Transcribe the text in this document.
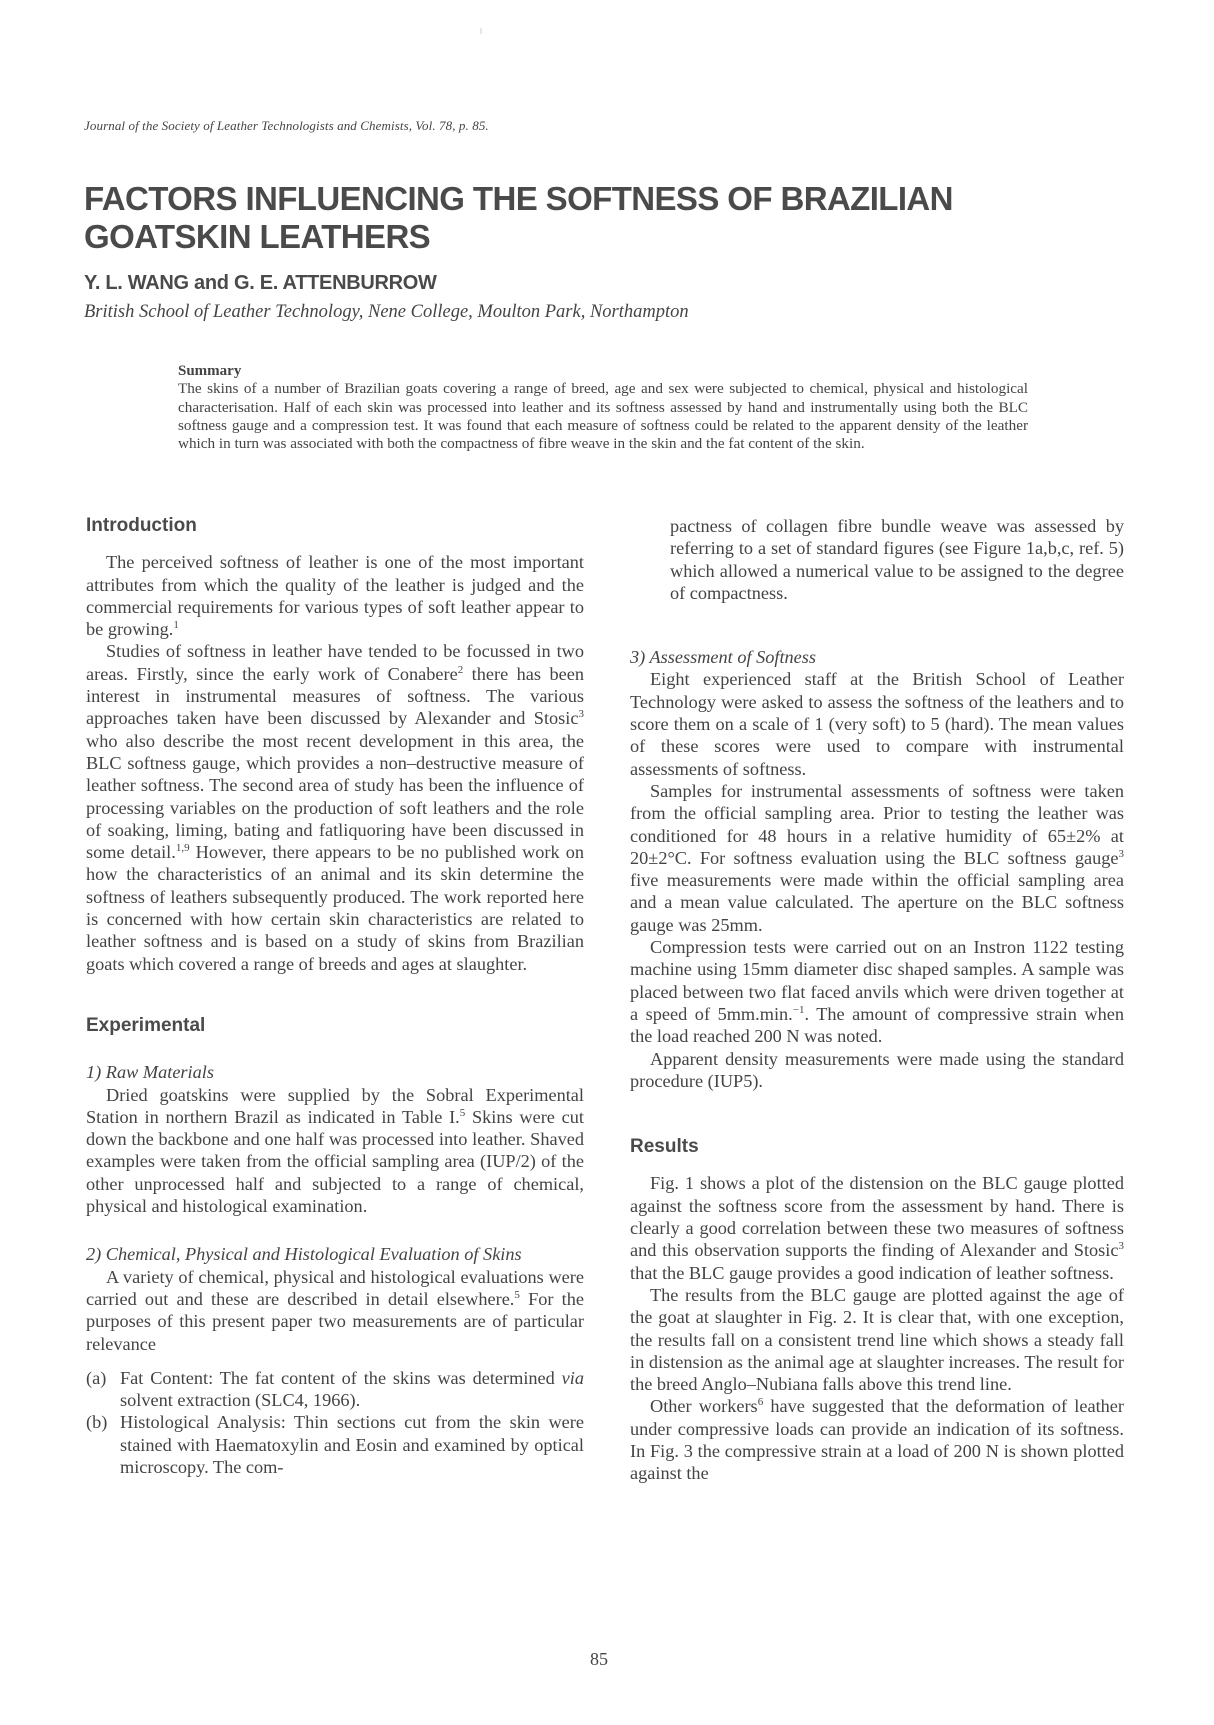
Journal of the Society of Leather Technologists and Chemists, Vol. 78, p. 85.
FACTORS INFLUENCING THE SOFTNESS OF BRAZILIAN
GOATSKIN LEATHERS
Y. L. WANG and G. E. ATTENBURROW
British School of Leather Technology, Nene College, Moulton Park, Northampton
Summary
The skins of a number of Brazilian goats covering a range of breed, age and sex were subjected to chemical, physical and histological characterisation. Half of each skin was processed into leather and its softness assessed by hand and instrumentally using both the BLC softness gauge and a compression test. It was found that each measure of softness could be related to the apparent density of the leather which in turn was associated with both the compactness of fibre weave in the skin and the fat content of the skin.
Introduction

The perceived softness of leather is one of the most important attributes from which the quality of the leather is judged and the commercial requirements for various types of soft leather appear to be growing.$^1$

Studies of softness in leather have tended to be focussed in two areas. Firstly, since the early work of Conabere$^2$ there has been interest in instrumental measures of softness. The various approaches taken have been discussed by Alexander and Stosic$^3$ who also describe the most recent development in this area, the BLC softness gauge, which provides a non–destructive measure of leather softness. The second area of study has been the influence of processing variables on the production of soft leathers and the role of soaking, liming, bating and fatliquoring have been discussed in some detail.$^{1,9}$ However, there appears to be no published work on how the characteristics of an animal and its skin determine the softness of leathers subsequently produced. The work reported here is concerned with how certain skin characteristics are related to leather softness and is based on a study of skins from Brazilian goats which covered a range of breeds and ages at slaughter.

Experimental
1) Raw Materials

Dried goatskins were supplied by the Sobral Experimental Station in northern Brazil as indicated in Table I.$^5$ Skins were cut down the backbone and one half was processed into leather. Shaved examples were taken from the official sampling area (IUP/2) of the other unprocessed half and subjected to a range of chemical, physical and histological examination.

2) Chemical, Physical and Histological Evaluation of Skins

A variety of chemical, physical and histological evaluations were carried out and these are described in detail elsewhere.$^5$ For the purposes of this present paper two measurements are of particular relevance

(a) Fat Content: The fat content of the skins was determined via solvent extraction (SLC4, 1966).
(b) Histological Analysis: Thin sections cut from the skin were stained with Haematoxylin and Eosin and examined by optical microscopy. The com-

pactness of collagen fibre bundle weave was assessed by referring to a set of standard figures (see Figure 1a,b,c, ref. 5) which allowed a numerical value to be assigned to the degree of compactness.

3) Assessment of Softness

Eight experienced staff at the British School of Leather Technology were asked to assess the softness of the leathers and to score them on a scale of 1 (very soft) to 5 (hard). The mean values of these scores were used to compare with instrumental assessments of softness.

Samples for instrumental assessments of softness were taken from the official sampling area. Prior to testing the leather was conditioned for 48 hours in a relative humidity of 65±2% at 20±2°C. For softness evaluation using the BLC softness gauge$^3$ five measurements were made within the official sampling area and a mean value calculated. The aperture on the BLC softness gauge was 25mm.

Compression tests were carried out on an Instron 1122 testing machine using 15mm diameter disc shaped samples. A sample was placed between two flat faced anvils which were driven together at a speed of 5mm.min.$^{-1}$. The amount of compressive strain when the load reached 200 N was noted.

Apparent density measurements were made using the standard procedure (IUP5).

Results

Fig. 1 shows a plot of the distension on the BLC gauge plotted against the softness score from the assessment by hand. There is clearly a good correlation between these two measures of softness and this observation supports the finding of Alexander and Stosic$^3$ that the BLC gauge provides a good indication of leather softness.

The results from the BLC gauge are plotted against the age of the goat at slaughter in Fig. 2. It is clear that, with one exception, the results fall on a consistent trend line which shows a steady fall in distension as the animal age at slaughter increases. The result for the breed Anglo–Nubiana falls above this trend line.

Other workers$^6$ have suggested that the deformation of leather under compressive loads can provide an indication of its softness. In Fig. 3 the compressive strain at a load of 200 N is shown plotted against the

85
